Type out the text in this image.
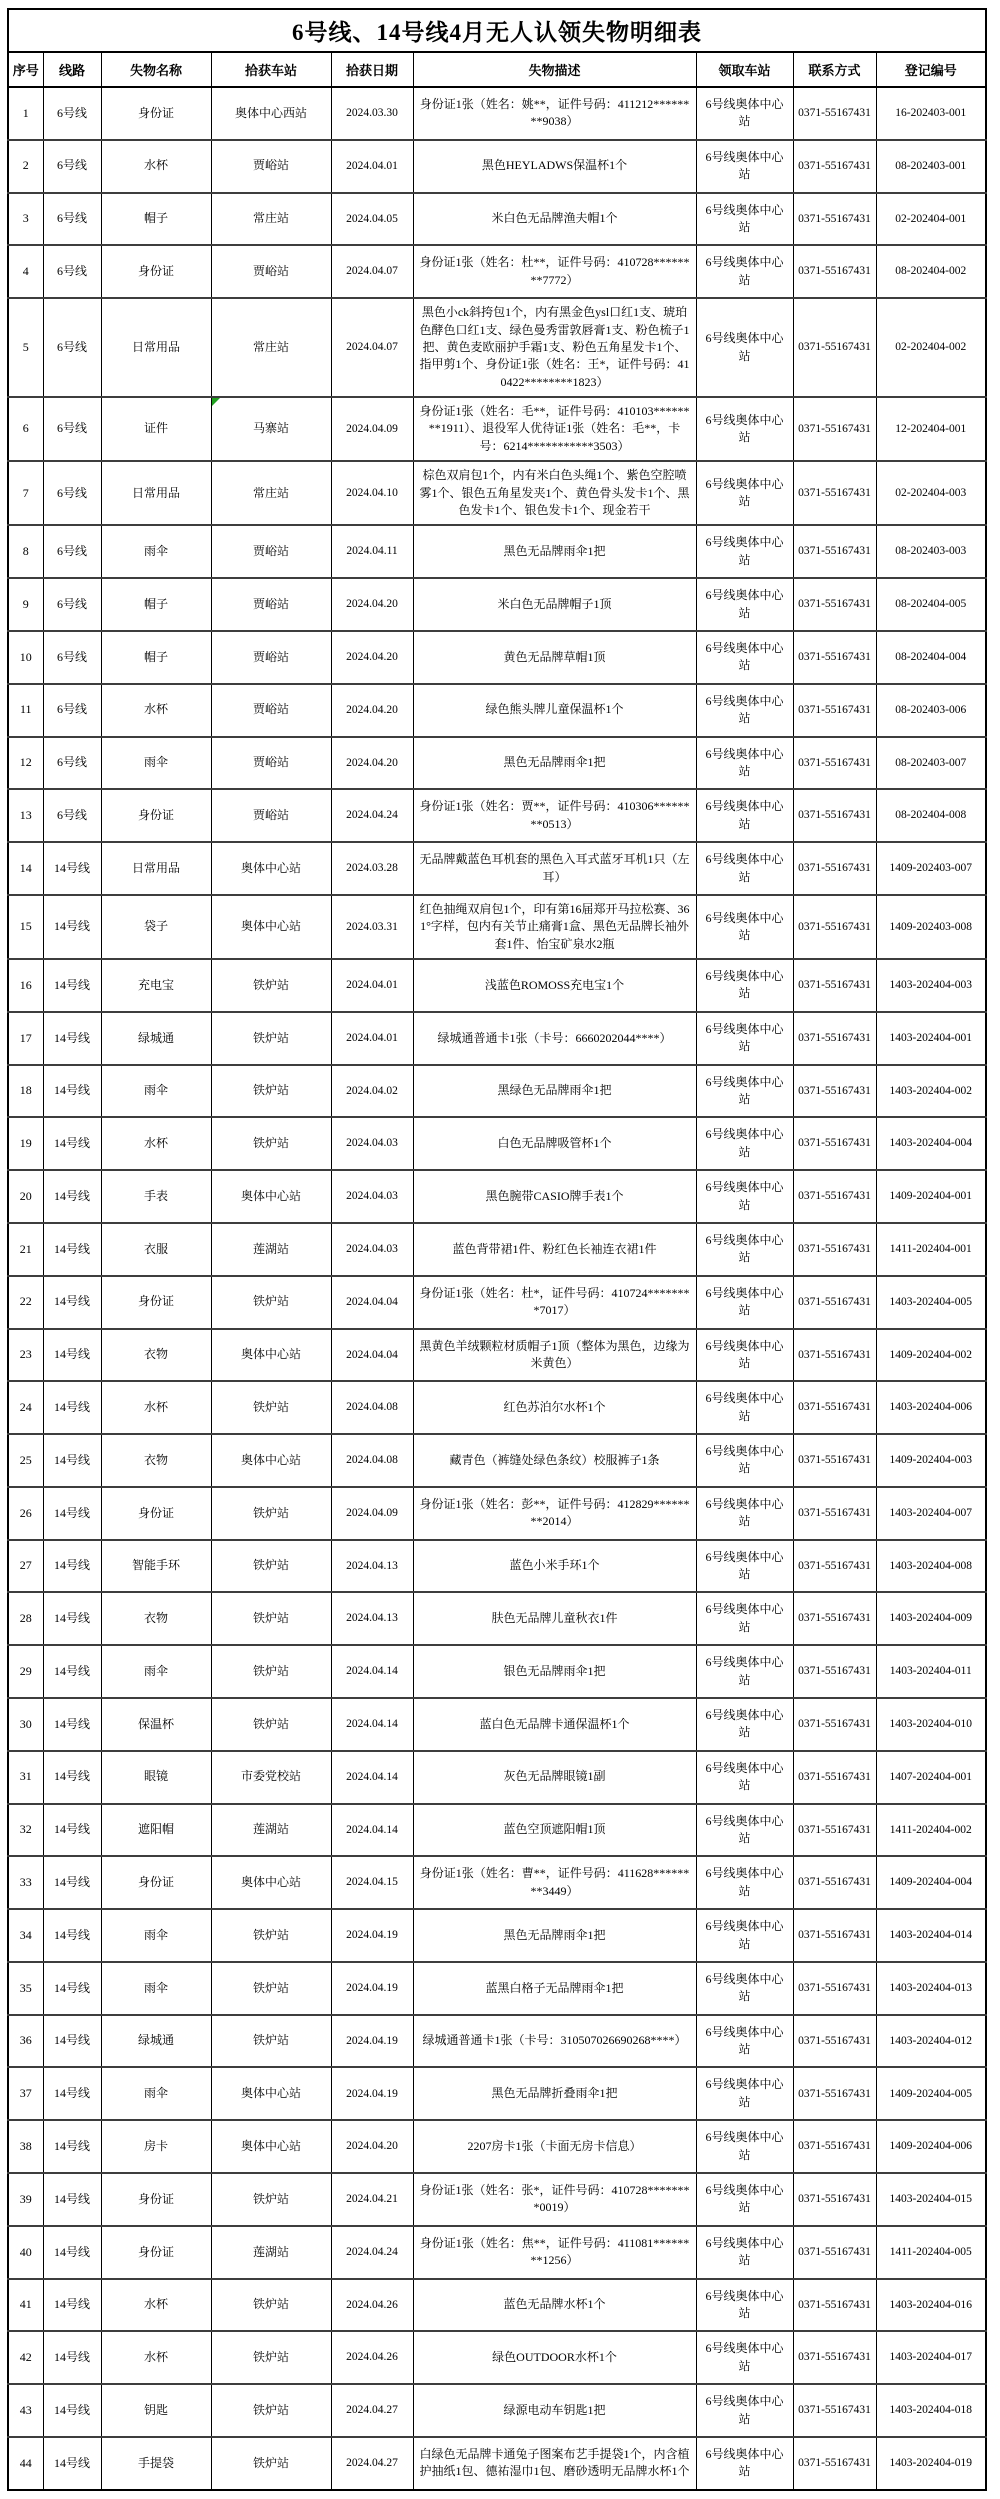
6号线、14号线4月无人认领失物明细表								
序号	线路	失物名称	拾获车站	拾获日期	失物描述	领取车站	联系方式	登记编号
1	6号线	身份证	奥体中心西站	2024.03.30	身份证1张（姓名：姚**，证件号码：411212********9038）	6号线奥体中心站	0371-55167431	16-202403-001
2	6号线	水杯	贾峪站	2024.04.01	黑色HEYLADWS保温杯1个	6号线奥体中心站	0371-55167431	08-202403-001
3	6号线	帽子	常庄站	2024.04.05	米白色无品牌渔夫帽1个	6号线奥体中心站	0371-55167431	02-202404-001
4	6号线	身份证	贾峪站	2024.04.07	身份证1张（姓名：杜**，证件号码：410728********7772）	6号线奥体中心站	0371-55167431	08-202404-002
5	6号线	日常用品	常庄站	2024.04.07	黑色小ck斜挎包1个，内有黑金色ysl口红1支、琥珀色酵色口红1支、绿色曼秀雷敦唇膏1支、粉色梳子1把、黄色麦欧丽护手霜1支、粉色五角星发卡1个、指甲剪1个、身份证1张（姓名：王*，证件号码：410422********1823）	6号线奥体中心站	0371-55167431	02-202404-002
6	6号线	证件	马寨站	2024.04.09	身份证1张（姓名：毛**，证件号码：410103********1911）、退役军人优待证1张（姓名：毛**，卡号：6214***********3503）	6号线奥体中心站	0371-55167431	12-202404-001
7	6号线	日常用品	常庄站	2024.04.10	棕色双肩包1个，内有米白色头绳1个、紫色空腔喷雾1个、银色五角星发夹1个、黄色骨头发卡1个、黑色发卡1个、银色发卡1个、现金若干	6号线奥体中心站	0371-55167431	02-202404-003
8	6号线	雨伞	贾峪站	2024.04.11	黑色无品牌雨伞1把	6号线奥体中心站	0371-55167431	08-202403-003
9	6号线	帽子	贾峪站	2024.04.20	米白色无品牌帽子1顶	6号线奥体中心站	0371-55167431	08-202404-005
10	6号线	帽子	贾峪站	2024.04.20	黄色无品牌草帽1顶	6号线奥体中心站	0371-55167431	08-202404-004
11	6号线	水杯	贾峪站	2024.04.20	绿色熊头牌儿童保温杯1个	6号线奥体中心站	0371-55167431	08-202403-006
12	6号线	雨伞	贾峪站	2024.04.20	黑色无品牌雨伞1把	6号线奥体中心站	0371-55167431	08-202403-007
13	6号线	身份证	贾峪站	2024.04.24	身份证1张（姓名：贾**，证件号码：410306********0513）	6号线奥体中心站	0371-55167431	08-202404-008
14	14号线	日常用品	奥体中心站	2024.03.28	无品牌戴蓝色耳机套的黑色入耳式蓝牙耳机1只（左耳）	6号线奥体中心站	0371-55167431	1409-202403-007
15	14号线	袋子	奥体中心站	2024.03.31	红色抽绳双肩包1个，印有第16届郑开马拉松赛、361°字样，包内有关节止痛膏1盒、黑色无品牌长袖外套1件、怡宝矿泉水2瓶	6号线奥体中心站	0371-55167431	1409-202403-008
16	14号线	充电宝	铁炉站	2024.04.01	浅蓝色ROMOSS充电宝1个	6号线奥体中心站	0371-55167431	1403-202404-003
17	14号线	绿城通	铁炉站	2024.04.01	绿城通普通卡1张（卡号：6660202044****）	6号线奥体中心站	0371-55167431	1403-202404-001
18	14号线	雨伞	铁炉站	2024.04.02	黑绿色无品牌雨伞1把	6号线奥体中心站	0371-55167431	1403-202404-002
19	14号线	水杯	铁炉站	2024.04.03	白色无品牌吸管杯1个	6号线奥体中心站	0371-55167431	1403-202404-004
20	14号线	手表	奥体中心站	2024.04.03	黑色腕带CASIO牌手表1个	6号线奥体中心站	0371-55167431	1409-202404-001
21	14号线	衣服	莲湖站	2024.04.03	蓝色背带裙1件、粉红色长袖连衣裙1件	6号线奥体中心站	0371-55167431	1411-202404-001
22	14号线	身份证	铁炉站	2024.04.04	身份证1张（姓名：杜*，证件号码：410724********7017）	6号线奥体中心站	0371-55167431	1403-202404-005
23	14号线	衣物	奥体中心站	2024.04.04	黑黄色羊绒颗粒材质帽子1顶（整体为黑色，边缘为米黄色）	6号线奥体中心站	0371-55167431	1409-202404-002
24	14号线	水杯	铁炉站	2024.04.08	红色苏泊尔水杯1个	6号线奥体中心站	0371-55167431	1403-202404-006
25	14号线	衣物	奥体中心站	2024.04.08	藏青色（裤缝处绿色条纹）校服裤子1条	6号线奥体中心站	0371-55167431	1409-202404-003
26	14号线	身份证	铁炉站	2024.04.09	身份证1张（姓名：彭**，证件号码：412829********2014）	6号线奥体中心站	0371-55167431	1403-202404-007
27	14号线	智能手环	铁炉站	2024.04.13	蓝色小米手环1个	6号线奥体中心站	0371-55167431	1403-202404-008
28	14号线	衣物	铁炉站	2024.04.13	肤色无品牌儿童秋衣1件	6号线奥体中心站	0371-55167431	1403-202404-009
29	14号线	雨伞	铁炉站	2024.04.14	银色无品牌雨伞1把	6号线奥体中心站	0371-55167431	1403-202404-011
30	14号线	保温杯	铁炉站	2024.04.14	蓝白色无品牌卡通保温杯1个	6号线奥体中心站	0371-55167431	1403-202404-010
31	14号线	眼镜	市委党校站	2024.04.14	灰色无品牌眼镜1副	6号线奥体中心站	0371-55167431	1407-202404-001
32	14号线	遮阳帽	莲湖站	2024.04.14	蓝色空顶遮阳帽1顶	6号线奥体中心站	0371-55167431	1411-202404-002
33	14号线	身份证	奥体中心站	2024.04.15	身份证1张（姓名：曹**，证件号码：411628********3449）	6号线奥体中心站	0371-55167431	1409-202404-004
34	14号线	雨伞	铁炉站	2024.04.19	黑色无品牌雨伞1把	6号线奥体中心站	0371-55167431	1403-202404-014
35	14号线	雨伞	铁炉站	2024.04.19	蓝黑白格子无品牌雨伞1把	6号线奥体中心站	0371-55167431	1403-202404-013
36	14号线	绿城通	铁炉站	2024.04.19	绿城通普通卡1张（卡号：310507026690268****）	6号线奥体中心站	0371-55167431	1403-202404-012
37	14号线	雨伞	奥体中心站	2024.04.19	黑色无品牌折叠雨伞1把	6号线奥体中心站	0371-55167431	1409-202404-005
38	14号线	房卡	奥体中心站	2024.04.20	2207房卡1张（卡面无房卡信息）	6号线奥体中心站	0371-55167431	1409-202404-006
39	14号线	身份证	铁炉站	2024.04.21	身份证1张（姓名：张*，证件号码：410728********0019）	6号线奥体中心站	0371-55167431	1403-202404-015
40	14号线	身份证	莲湖站	2024.04.24	身份证1张（姓名：焦**，证件号码：411081********1256）	6号线奥体中心站	0371-55167431	1411-202404-005
41	14号线	水杯	铁炉站	2024.04.26	蓝色无品牌水杯1个	6号线奥体中心站	0371-55167431	1403-202404-016
42	14号线	水杯	铁炉站	2024.04.26	绿色OUTDOOR水杯1个	6号线奥体中心站	0371-55167431	1403-202404-017
43	14号线	钥匙	铁炉站	2024.04.27	绿源电动车钥匙1把	6号线奥体中心站	0371-55167431	1403-202404-018
44	14号线	手提袋	铁炉站	2024.04.27	白绿色无品牌卡通兔子图案布艺手提袋1个，内含植护抽纸1包、德祐湿巾1包、磨砂透明无品牌水杯1个	6号线奥体中心站	0371-55167431	1403-202404-019
